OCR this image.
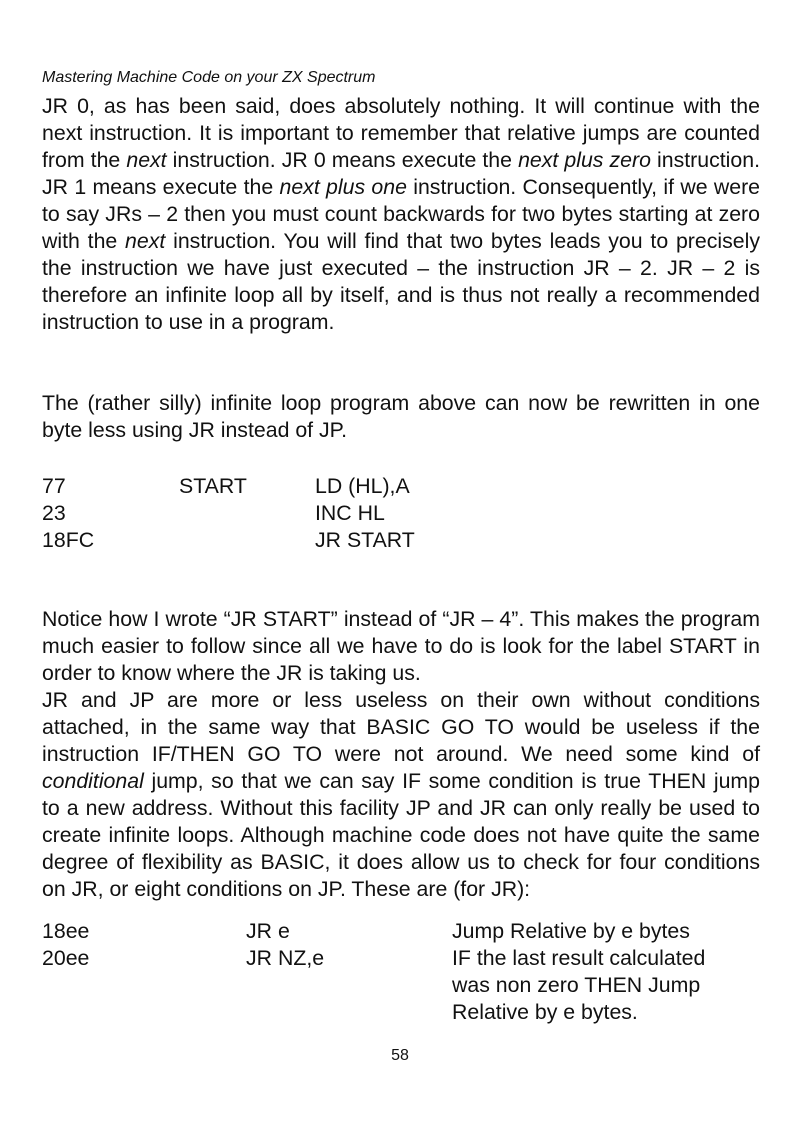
Mastering Machine Code on your ZX Spectrum

JR 0, as has been said, does absolutely nothing. It will continue with the next instruction. It is important to remember that relative jumps are counted from the next instruction. JR 0 means execute the next plus zero instruction. JR 1 means execute the next plus one instruction. Consequently, if we were to say JRs – 2 then you must count backwards for two bytes starting at zero with the next instruction. You will find that two bytes leads you to precisely the instruction we have just executed – the instruction JR – 2. JR – 2 is therefore an infinite loop all by itself, and is thus not really a recommended instruction to use in a program.

The (rather silly) infinite loop program above can now be rewritten in one byte less using JR instead of JP.

77	START	LD (HL),A
23		INC HL
18FC		JR START

Notice how I wrote “JR START” instead of “JR – 4”. This makes the program much easier to follow since all we have to do is look for the label START in order to know where the JR is taking us.

JR and JP are more or less useless on their own without conditions attached, in the same way that BASIC GO TO would be useless if the instruction IF/THEN GO TO were not around. We need some kind of conditional jump, so that we can say IF some condition is true THEN jump to a new address. Without this facility JP and JR can only really be used to create infinite loops. Although machine code does not have quite the same degree of flexibility as BASIC, it does allow us to check for four conditions on JR, or eight conditions on JP. These are (for JR):

18ee	JR e	Jump Relative by e bytes
20ee	JR NZ,e	IF the last result calculated was non zero THEN Jump Relative by e bytes.
58
